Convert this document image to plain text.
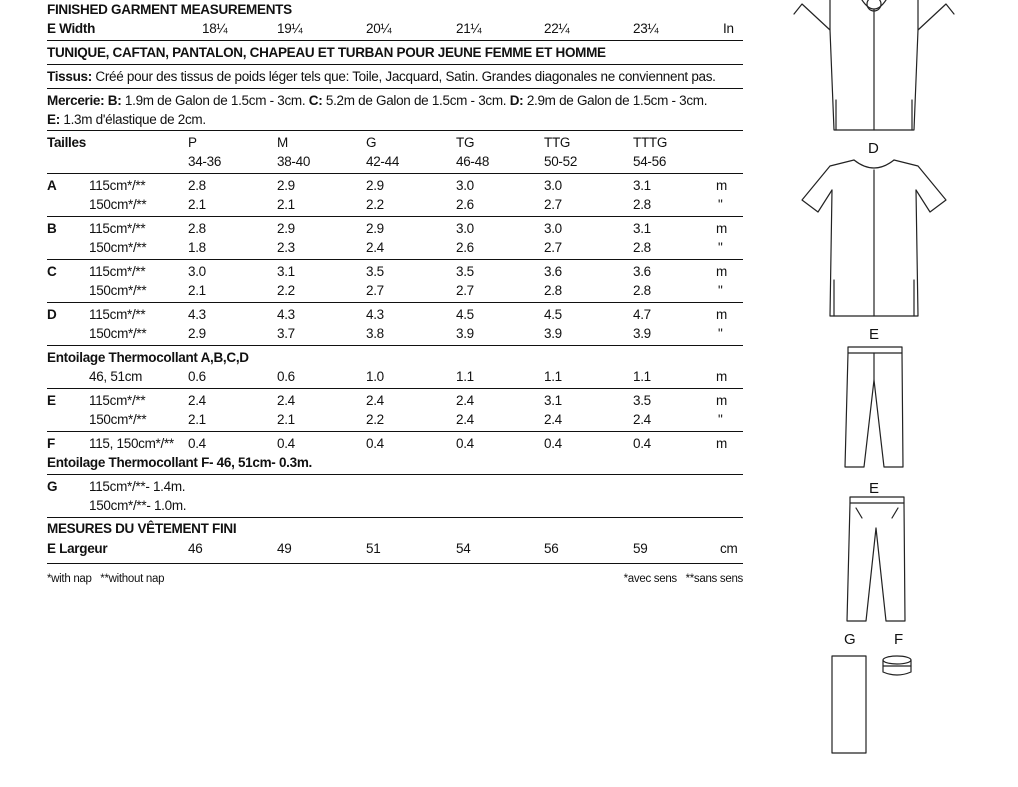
FINISHED GARMENT MEASUREMENTS
E Width	18¼	19¼	20¼	21¼	22¼	23¼	In
TUNIQUE, CAFTAN, PANTALON, CHAPEAU ET TURBAN POUR JEUNE FEMME ET HOMME
Tissus: Créé pour des tissus de poids léger tels que: Toile, Jacquard, Satin. Grandes diagonales ne conviennent pas.
Mercerie: B: 1.9m de Galon de 1.5cm - 3cm. C: 5.2m de Galon de 1.5cm - 3cm. D: 2.9m de Galon de 1.5cm - 3cm.
E: 1.3m d'élastique de 2cm.
Tailles	P	M	G	TG	TTG	TTTG
34-36	38-40	42-44	46-48	50-52	54-56
A 115cm*/**	2.8	2.9	2.9	3.0	3.0	3.1	m
150cm*/**	2.1	2.1	2.2	2.6	2.7	2.8	"
B 115cm*/**	2.8	2.9	2.9	3.0	3.0	3.1	m
150cm*/**	1.8	2.3	2.4	2.6	2.7	2.8	"
C 115cm*/**	3.0	3.1	3.5	3.5	3.6	3.6	m
150cm*/**	2.1	2.2	2.7	2.7	2.8	2.8	"
D 115cm*/**	4.3	4.3	4.3	4.5	4.5	4.7	m
150cm*/**	2.9	3.7	3.8	3.9	3.9	3.9	"
Entoilage Thermocollant A,B,C,D
46, 51cm	0.6	0.6	1.0	1.1	1.1	1.1	m
E 115cm*/**	2.4	2.4	2.4	2.4	3.1	3.5	m
150cm*/**	2.1	2.1	2.2	2.4	2.4	2.4	"
F	115, 150cm*/** 0.4	0.4	0.4	0.4	0.4	0.4	m
Entoilage Thermocollant F- 46, 51cm- 0.3m.
G 115cm*/**- 1.4m.
150cm*/**- 1.0m.
MESURES DU VÊTEMENT FINI
E Largeur	46	49	51	54	56	59	cm
*with nap   **without nap	*avec sens   **sans sens
D
E
E
G	F
